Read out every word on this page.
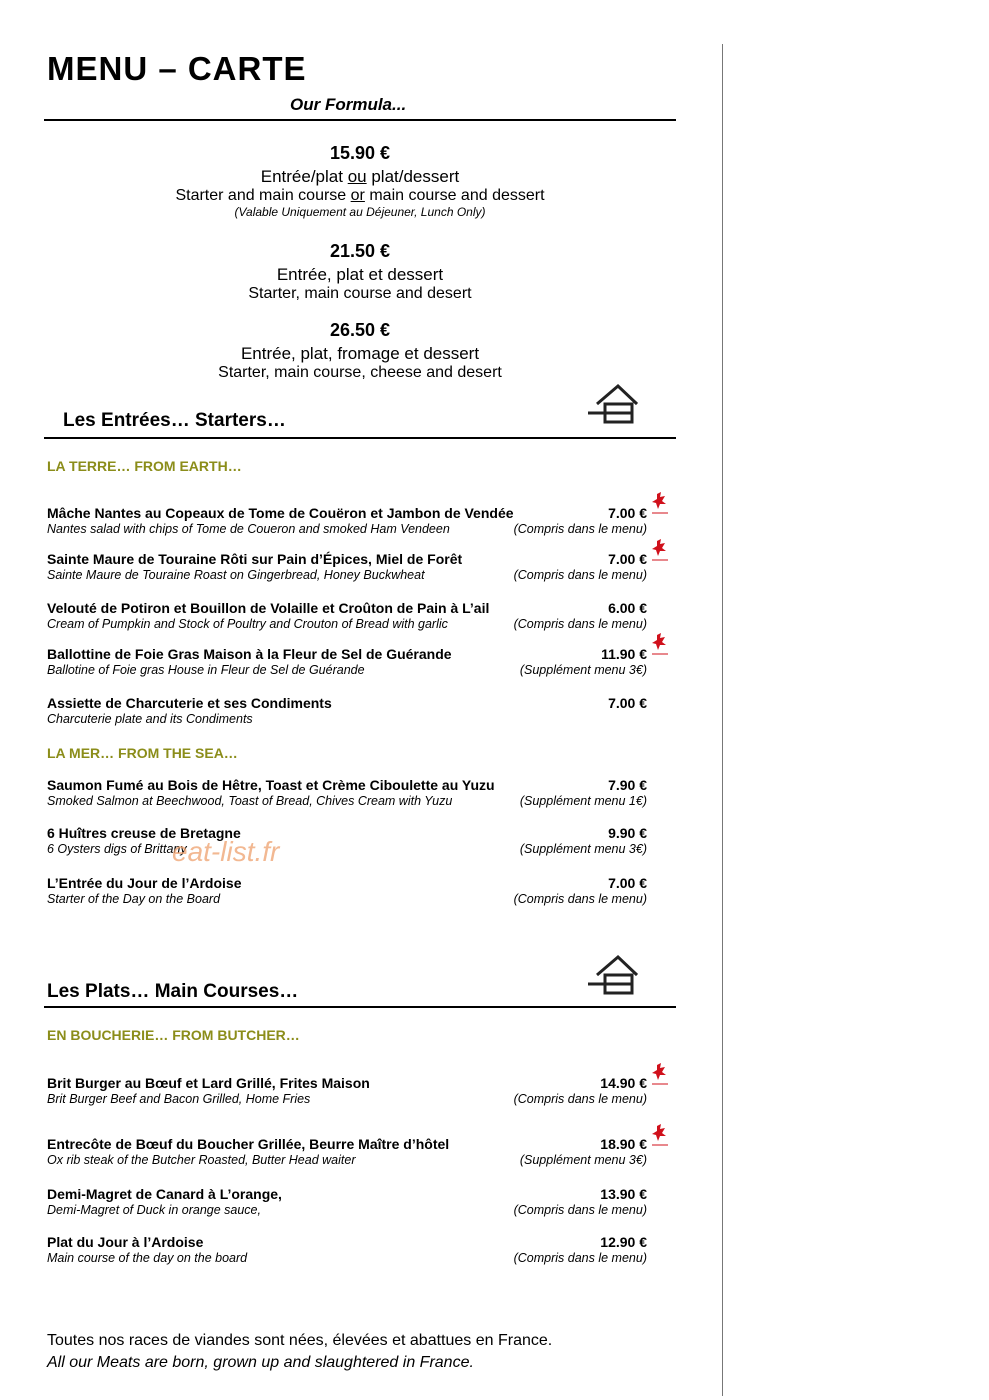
MENU – CARTE
Our Formula...
15.90 €
Entrée/plat ou plat/dessert
Starter and main course or main course and dessert
(Valable Uniquement au Déjeuner, Lunch Only)
21.50 €
Entrée, plat et dessert
Starter, main course and desert
26.50 €
Entrée, plat, fromage et dessert
Starter, main course, cheese and desert
Les Entrées… Starters…
LA TERRE… FROM EARTH…
Mâche Nantes au Copeaux de Tome de Couëron et Jambon de Vendée
Nantes salad with chips of Tome de Coueron and smoked Ham Vendeen
7.00 €
(Compris dans le menu)
Sainte Maure de Touraine Rôti sur Pain d’Épices, Miel de Forêt
Sainte Maure de Touraine Roast on Gingerbread, Honey Buckwheat
7.00 €
(Compris dans le menu)
Velouté de Potiron et Bouillon de Volaille et Croûton de Pain à L’ail
Cream of Pumpkin and Stock of Poultry and Crouton of Bread with garlic
6.00 €
(Compris dans le menu)
Ballottine de Foie Gras Maison à la Fleur de Sel de Guérande
Ballotine of Foie gras House in Fleur de Sel de Guérande
11.90 €
(Supplément menu 3€)
Assiette de Charcuterie et ses Condiments
Charcuterie plate and its Condiments
7.00 €
LA MER… FROM THE SEA…
Saumon Fumé au Bois de Hêtre, Toast et Crème Ciboulette au Yuzu
Smoked Salmon at Beechwood, Toast of Bread, Chives Cream with Yuzu
7.90 €
(Supplément menu 1€)
6 Huîtres creuse de Bretagne
6 Oysters digs of Brittany
9.90 €
(Supplément menu 3€)
L’Entrée du Jour de l’Ardoise
Starter of the Day on the Board
7.00 €
(Compris dans le menu)
eat-list.fr
Les Plats… Main Courses…
EN BOUCHERIE… FROM BUTCHER…
Brit Burger au Bœuf et Lard Grillé, Frites Maison
Brit Burger Beef and Bacon Grilled, Home Fries
14.90 €
(Compris dans le menu)
Entrecôte de Bœuf du Boucher Grillée, Beurre Maître d’hôtel
Ox rib steak of the Butcher Roasted, Butter Head waiter
18.90 €
(Supplément menu 3€)
Demi-Magret de Canard à L’orange,
Demi-Magret of Duck in orange sauce,
13.90 €
(Compris dans le menu)
Plat du Jour à l’Ardoise
Main course of the day on the board
12.90 €
(Compris dans le menu)
Toutes nos races de viandes sont nées, élevées et abattues en France.
All our Meats are born, grown up and slaughtered in France.
